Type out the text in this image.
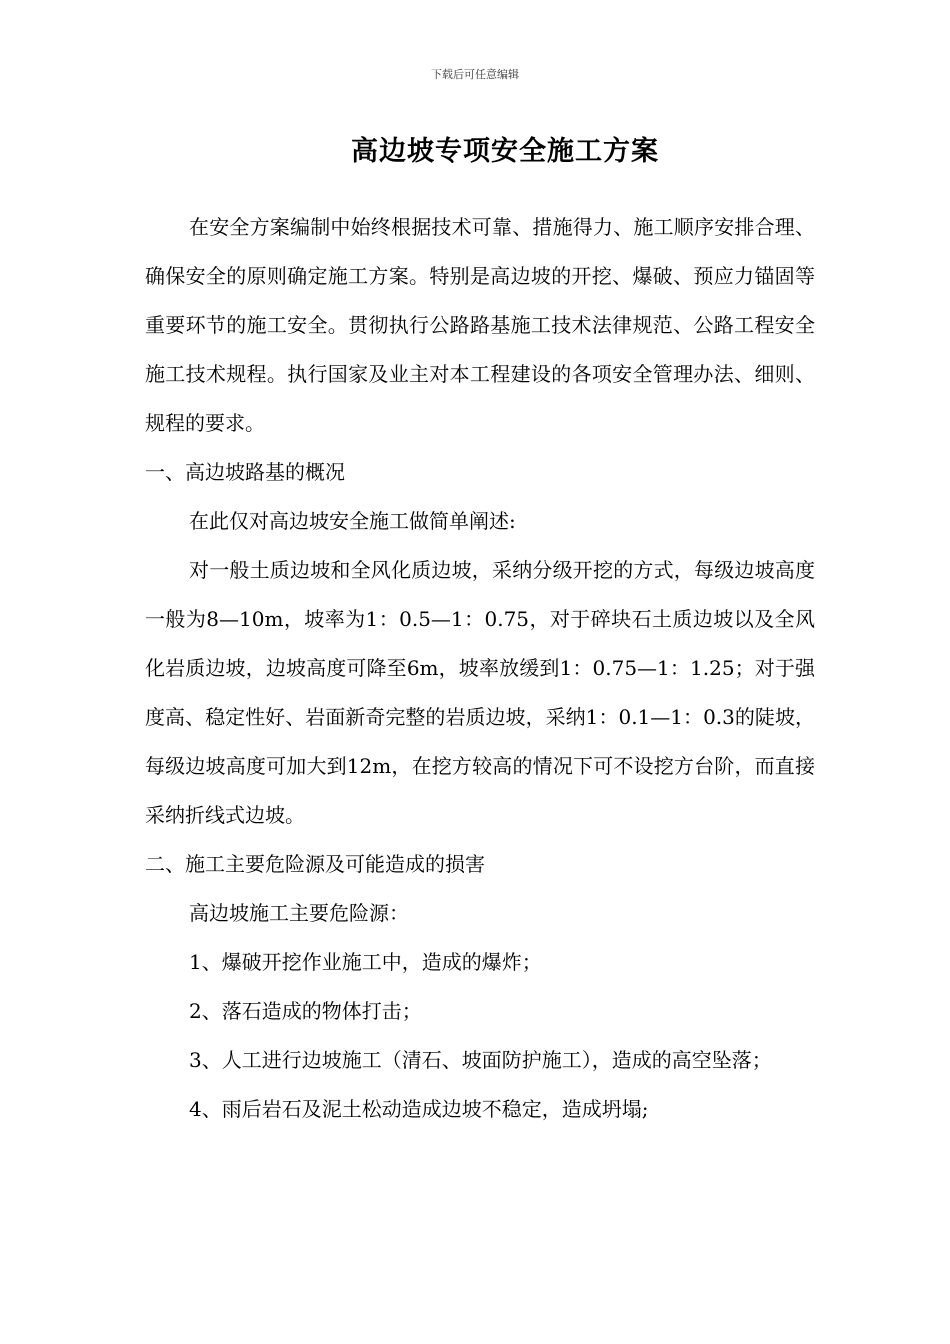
下载后可任意编辑
高边坡专项安全施工方案

在安全方案编制中始终根据技术可靠、措施得力、施工顺序安排合理、确保安全的原则确定施工方案。特别是高边坡的开挖、爆破、预应力锚固等重要环节的施工安全。贯彻执行公路路基施工技术法律规范、公路工程安全施工技术规程。执行国家及业主对本工程建设的各项安全管理办法、细则、规程的要求。

一、高边坡路基的概况

在此仅对高边坡安全施工做简单阐述:

对一般土质边坡和全风化质边坡，采纳分级开挖的方式，每级边坡高度一般为8—10m，坡率为1：0.5—1：0.75，对于碎块石土质边坡以及全风化岩质边坡，边坡高度可降至6m，坡率放缓到1：0.75—1：1.25；对于强度高、稳定性好、岩面新奇完整的岩质边坡，采纳1：0.1—1：0.3的陡坡，每级边坡高度可加大到12m，在挖方较高的情况下可不设挖方台阶，而直接采纳折线式边坡。

二、施工主要危险源及可能造成的损害

高边坡施工主要危险源：

1、爆破开挖作业施工中，造成的爆炸；

2、落石造成的物体打击；

3、人工进行边坡施工（清石、坡面防护施工），造成的高空坠落；

4、雨后岩石及泥土松动造成边坡不稳定，造成坍塌;
